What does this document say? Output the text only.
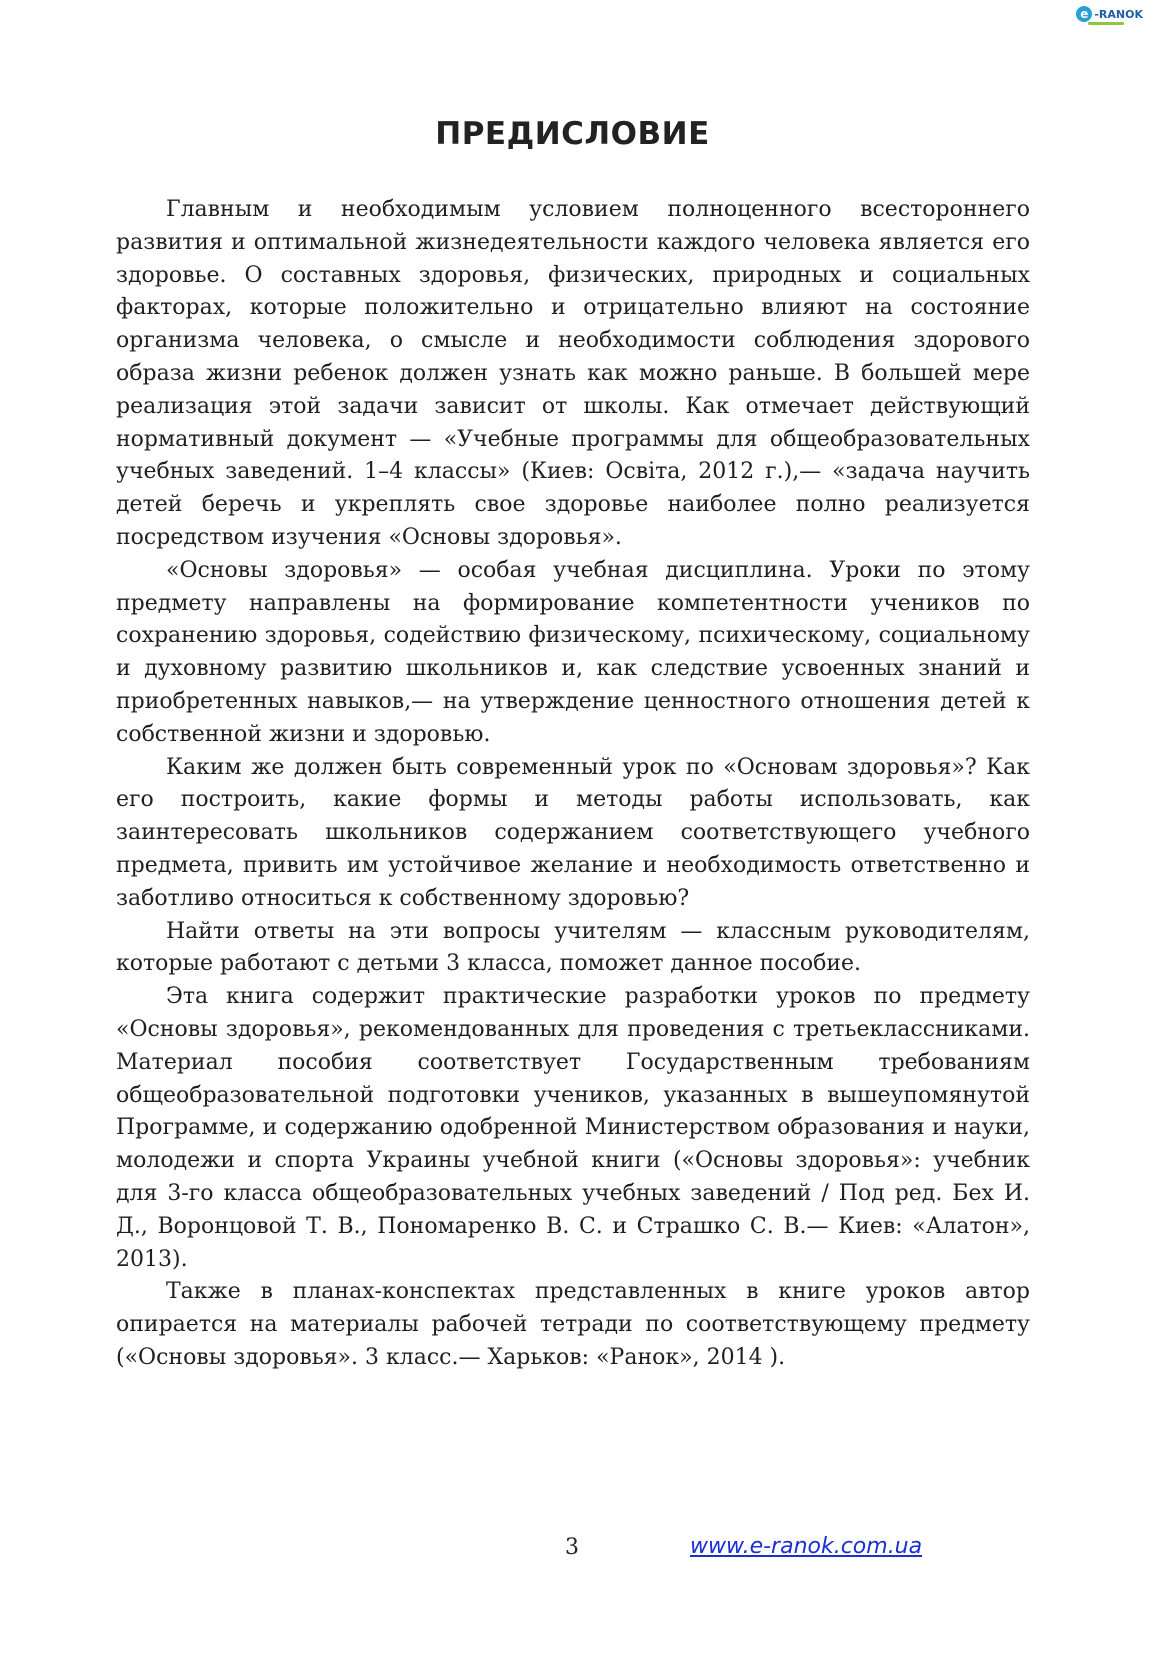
e -RANOK
ПРЕДИСЛОВИЕ

Главным и необходимым условием полноценного всестороннего развития и оптимальной жизнедеятельности каждого человека является его здоровье. О составных здоровья, физических, природных и социальных факторах, которые положительно и отрицательно влияют на состояние организма человека, о смысле и необходимости соблюдения здорового образа жизни ребенок должен узнать как можно раньше. В большей мере реализация этой задачи зависит от школы. Как отмечает действующий нормативный документ — «Учебные программы для общеобразовательных учебных заведений. 1–4 классы» (Киев: Освіта, 2012 г.),— «задача научить детей беречь и укреплять свое здоровье наиболее полно реализуется посредством изучения «Основы здоровья».

«Основы здоровья» — особая учебная дисциплина. Уроки по этому предмету направлены на формирование компетентности учеников по сохранению здоровья, содействию физическому, психическому, социальному и духовному развитию школьников и, как следствие усвоенных знаний и приобретенных навыков,— на утверждение ценностного отношения детей к собственной жизни и здоровью.

Каким же должен быть современный урок по «Основам здоровья»? Как его построить, какие формы и методы работы использовать, как заинтересовать школьников содержанием соответствующего учебного предмета, привить им устойчивое желание и необходимость ответственно и заботливо относиться к собственному здоровью?

Найти ответы на эти вопросы учителям — классным руководителям, которые работают с детьми 3 класса, поможет данное пособие.

Эта книга содержит практические разработки уроков по предмету «Основы здоровья», рекомендованных для проведения с третьеклассниками. Материал пособия соответствует Государственным требованиям общеобразовательной подготовки учеников, указанных в вышеупомянутой Программе, и содержанию одобренной Министерством образования и науки, молодежи и спорта Украины учебной книги («Основы здоровья»: учебник для 3-го класса общеобразовательных учебных заведений / Под ред. Бех И. Д., Воронцовой Т. В., Пономаренко В. С. и Страшко С. В.— Киев: «Алатон», 2013).

Также в планах-конспектах представленных в книге уроков автор опирается на материалы рабочей тетради по соответствующему предмету («Основы здоровья». 3 класс.— Харьков: «Ранок», 2014 ).

3	www.e-ranok.com.ua
